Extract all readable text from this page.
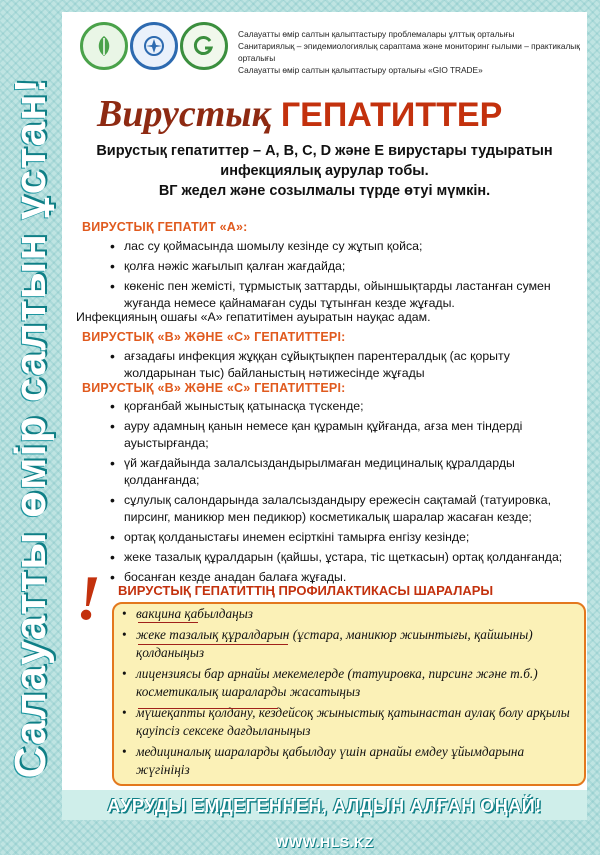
Салауатты өмір салтын ұстан!
Салауатты өмір салтын қалыптастыру проблемалары ұлттық орталығы
Санитариялық – эпидемиологиялық сараптама және мониторинг ғылыми – практикалық орталығы
Салауатты өмір салтын қалыптастыру орталығы «GIO TRADE»
Вирустық ГЕПАТИТТЕР
Вирустық гепатиттер – А, В, С, D және Е вирустары тудыратын
инфекциялық аурулар тобы.
ВГ жедел және созылмалы түрде өтуі мүмкін.
ВИРУСТЫҚ ГЕПАТИТ «А»:
• лас су қоймасында шомылу кезінде су жұтып қойса;
• қолға нәжіс жағылып қалған жағдайда;
• көкеніс пен жемісті, тұрмыстық заттарды, ойыншықтарды ластанған сумен жуғанда немесе қайнамаған суды тұтынған кезде жұғады.
Инфекцияның ошағы «А» гепатитімен ауыратын науқас адам.
ВИРУСТЫҚ «В» ЖӘНЕ «С» ГЕПАТИТТЕРІ:
• ағзадағы инфекция жұққан сұйықтықпен парентералдық (ас қорыту жолдарынан тыс) байланыстың нәтижесінде жұғады
ВИРУСТЫҚ «В» ЖӘНЕ «С» ГЕПАТИТТЕРІ:
• қорғанбай жыныстық қатынасқа түскенде;
• ауру адамның қанын немесе қан құрамын құйғанда, ағза мен тіндерді ауыстырғанда;
• үй жағдайында залалсыздандырылмаған медициналық құралдарды қолданғанда;
• сұлулық салондарында залалсыздандыру ережесін сақтамай (татуировка, пирсинг, маникюр мен педикюр) косметикалық шаралар жасаған кезде;
• ортақ қолданыстағы инемен есірткіні тамырға енгізу кезінде;
• жеке тазалық құралдарын (қайшы, ұстара, тіс щеткасын) ортақ қолданғанда;
• босанған кезде анадан балаға жұғады.
! ВИРУСТЫҚ ГЕПАТИТТІҢ ПРОФИЛАКТИКАСЫ ШАРАЛАРЫ
• вакцина қабылдаңыз
• жеке тазалық құралдарын (ұстара, маникюр жиынтығы, қайшыны) қолданыңыз
• лицензиясы бар арнайы мекемелерде (татуировка, пирсинг және т.б.) косметикалық шараларды жасатыңыз
• мүшеқапты қолдану, кездейсоқ жыныстық қатынастан аулақ болу арқылы қауіпсіз сексеке дағдыланыңыз
• медициналық шараларды қабылдау үшін арнайы емдеу ұйымдарына жүгініңіз
АУРУДЫ ЕМДЕГЕННЕН, АЛДЫН АЛҒАН ОҢАЙ!
WWW.HLS.KZ
